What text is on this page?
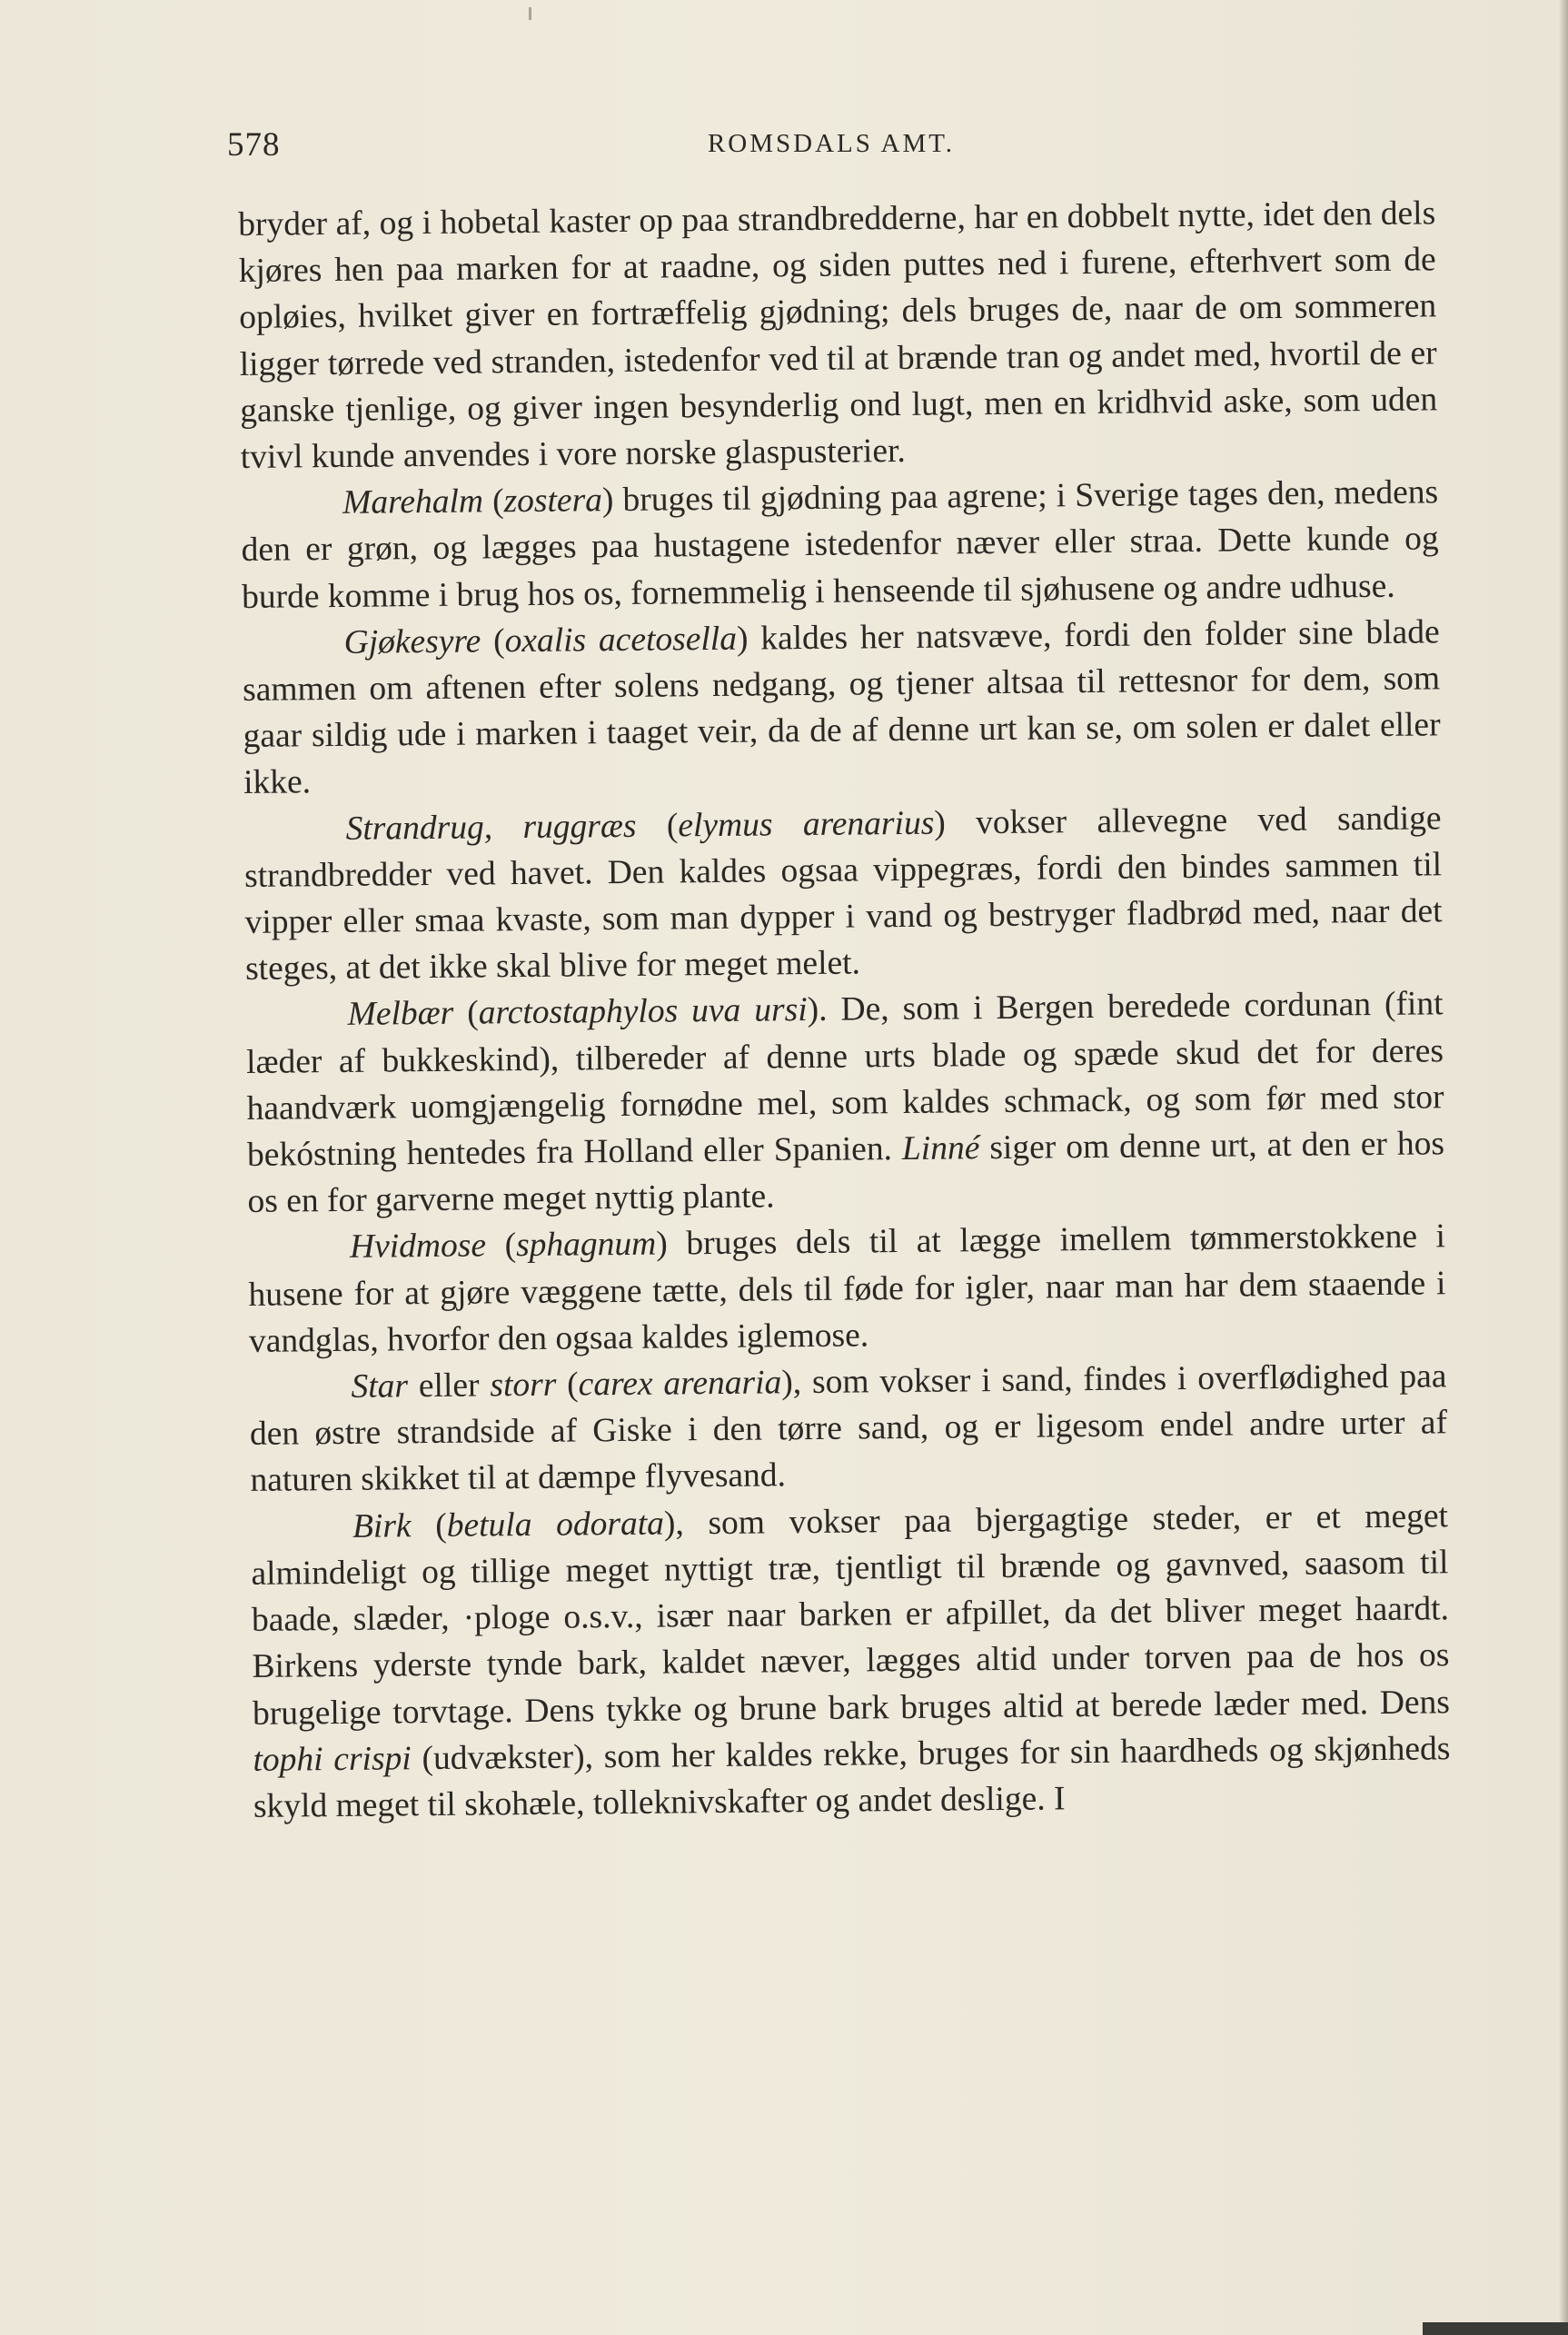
578	ROMSDALS AMT.

bryder af, og i hobetal kaster op paa strandbredderne, har en dobbelt nytte, idet den dels kjøres hen paa marken for at raadne, og siden puttes ned i furene, efterhvert som de opløies, hvilket giver en fortræffelig gjødning; dels bruges de, naar de om sommeren ligger tørrede ved stranden, istedenfor ved til at brænde tran og andet med, hvortil de er ganske tjenlige, og giver ingen besynderlig ond lugt, men en kridhvid aske, som uden tvivl kunde anvendes i vore norske glaspusterier.

Marehalm (zostera) bruges til gjødning paa agrene; i Sverige tages den, medens den er grøn, og lægges paa hustagene istedenfor næver eller straa. Dette kunde og burde komme i brug hos os, fornemmelig i henseende til sjøhusene og andre udhuse.

Gjøkesyre (oxalis acetosella) kaldes her natsvæve, fordi den folder sine blade sammen om aftenen efter solens nedgang, og tjener altsaa til rettesnor for dem, som gaar sildig ude i marken i taaget veir, da de af denne urt kan se, om solen er dalet eller ikke.

Strandrug, ruggræs (elymus arenarius) vokser allevegne ved sandige strandbredder ved havet. Den kaldes ogsaa vippegræs, fordi den bindes sammen til vipper eller smaa kvaste, som man dypper i vand og bestryger fladbrød med, naar det steges, at det ikke skal blive for meget melet.

Melbær (arctostaphylos uva ursi). De, som i Bergen beredede cordunan (fint læder af bukkeskind), tilbereder af denne urts blade og spæde skud det for deres haandværk uomgjængelig fornødne mel, som kaldes schmack, og som før med stor bekóstning hentedes fra Holland eller Spanien. Linné siger om denne urt, at den er hos os en for garverne meget nyttig plante.

Hvidmose (sphagnum) bruges dels til at lægge imellem tømmerstokkene i husene for at gjøre væggene tætte, dels til føde for igler, naar man har dem staaende i vandglas, hvorfor den ogsaa kaldes iglemose.

Star eller storr (carex arenaria), som vokser i sand, findes i overflødighed paa den østre strandside af Giske i den tørre sand, og er ligesom endel andre urter af naturen skikket til at dæmpe flyvesand.

Birk (betula odorata), som vokser paa bjergagtige steder, er et meget almindeligt og tillige meget nyttigt træ, tjentligt til brænde og gavnved, saasom til baade, slæder, ·ploge o.s.v., især naar barken er afpillet, da det bliver meget haardt. Birkens yderste tynde bark, kaldet næver, lægges altid under torven paa de hos os brugelige torvtage. Dens tykke og brune bark bruges altid at berede læder med. Dens tophi crispi (udvækster), som her kaldes rekke, bruges for sin haardheds og skjønheds skyld meget til skohæle, tolleknivskafter og andet deslige. I
